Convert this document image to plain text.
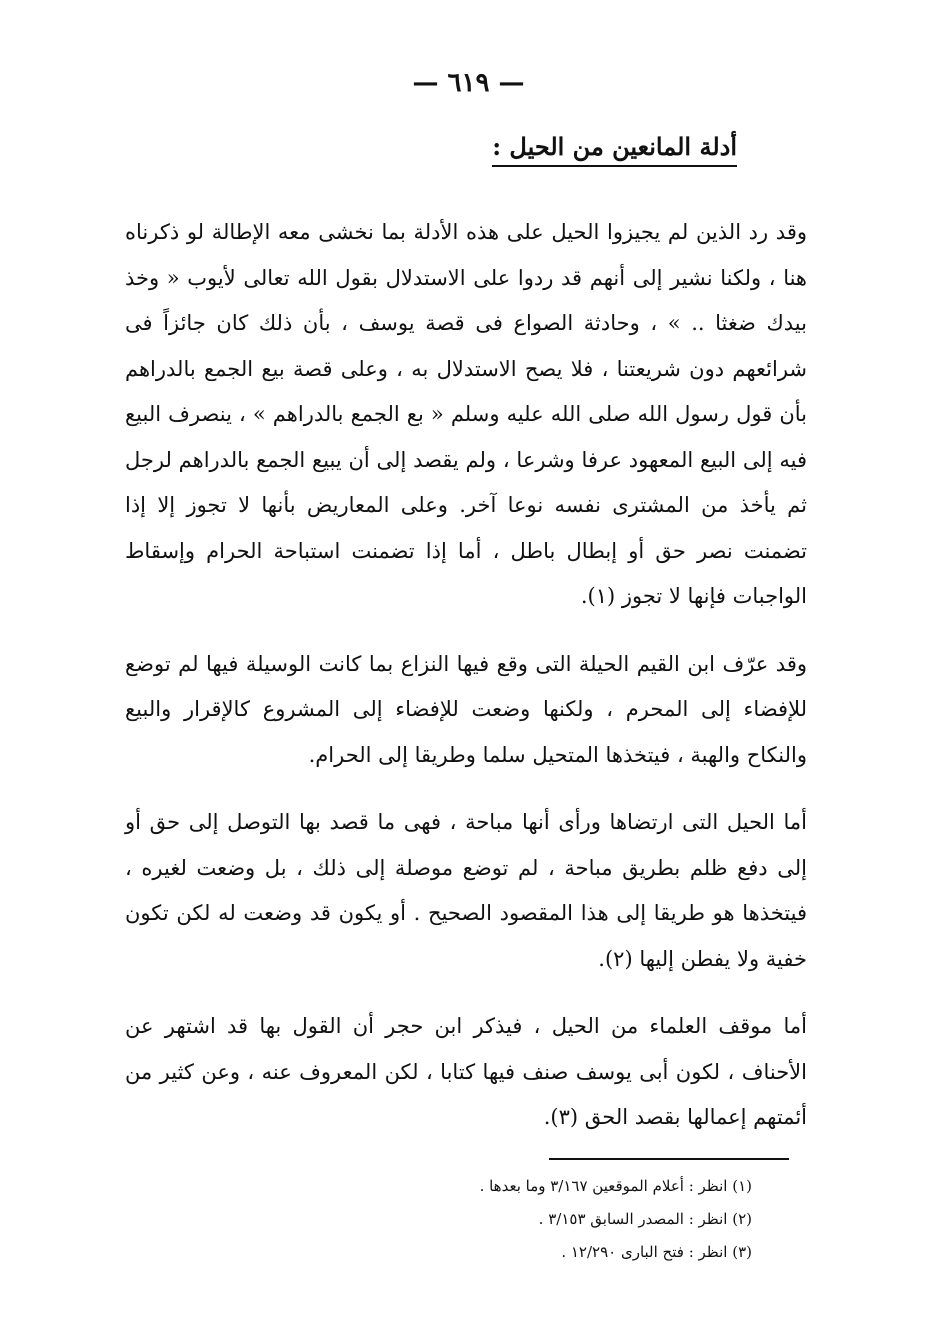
— ٦١٩ —
أدلة المانعين من الحيل :

وقد رد الذين لم يجيزوا الحيل على هذه الأدلة بما نخشى معه الإطالة لو ذكرناه هنا ، ولكنا نشير إلى أنهم قد ردوا على الاستدلال بقول الله تعالى لأيوب « وخذ بيدك ضغثا .. » ، وحادثة الصواع فى قصة يوسف ، بأن ذلك كان جائزاً فى شرائعهم دون شريعتنا ، فلا يصح الاستدلال به ، وعلى قصة بيع الجمع بالدراهم بأن قول رسول الله صلى الله عليه وسلم « بع الجمع بالدراهم » ، ينصرف البيع فيه إلى البيع المعهود عرفا وشرعا ، ولم يقصد إلى أن يبيع الجمع بالدراهم لرجل ثم يأخذ من المشترى نفسه نوعا آخر. وعلى المعاريض بأنها لا تجوز إلا إذا تضمنت نصر حق أو إبطال باطل ، أما إذا تضمنت استباحة الحرام وإسقاط الواجبات فإنها لا تجوز (١).

وقد عرّف ابن القيم الحيلة التى وقع فيها النزاع بما كانت الوسيلة فيها لم توضع للإفضاء إلى المحرم ، ولكنها وضعت للإفضاء إلى المشروع كالإقرار والبيع والنكاح والهبة ، فيتخذها المتحيل سلما وطريقا إلى الحرام.

أما الحيل التى ارتضاها ورأى أنها مباحة ، فهى ما قصد بها التوصل إلى حق أو إلى دفع ظلم بطريق مباحة ، لم توضع موصلة إلى ذلك ، بل وضعت لغيره ، فيتخذها هو طريقا إلى هذا المقصود الصحيح . أو يكون قد وضعت له لكن تكون خفية ولا يفطن إليها (٢).

أما موقف العلماء من الحيل ، فيذكر ابن حجر أن القول بها قد اشتهر عن الأحناف ، لكون أبى يوسف صنف فيها كتابا ، لكن المعروف عنه ، وعن كثير من أئمتهم إعمالها بقصد الحق (٣).

(١) انظر : أعلام الموقعين ٣/١٦٧ وما بعدها .
(٢) انظر : المصدر السابق ٣/١٥٣ .
(٣) انظر : فتح البارى ١٢/٢٩٠ .
